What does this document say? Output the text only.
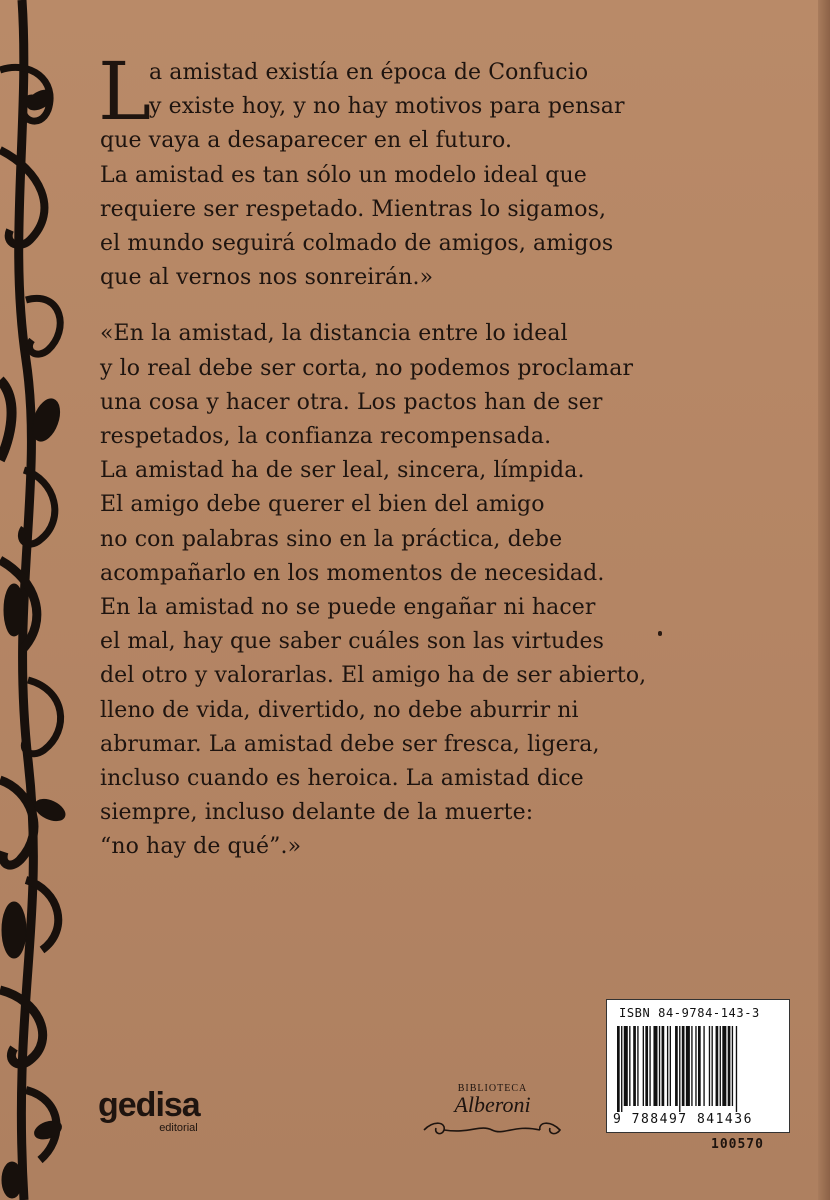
L
a amistad existía en época de Confucio
y existe hoy, y no hay motivos para pensar
que vaya a desaparecer en el futuro.
La amistad es tan sólo un modelo ideal que
requiere ser respetado. Mientras lo sigamos,
el mundo seguirá colmado de amigos, amigos
que al vernos nos sonreirán.»
«En la amistad, la distancia entre lo ideal
y lo real debe ser corta, no podemos proclamar
una cosa y hacer otra. Los pactos han de ser
respetados, la confianza recompensada.
La amistad ha de ser leal, sincera, límpida.
El amigo debe querer el bien del amigo
no con palabras sino en la práctica, debe
acompañarlo en los momentos de necesidad.
En la amistad no se puede engañar ni hacer
el mal, hay que saber cuáles son las virtudes
del otro y valorarlas. El amigo ha de ser abierto,
lleno de vida, divertido, no debe aburrir ni
abrumar. La amistad debe ser fresca, ligera,
incluso cuando es heroica. La amistad dice
siempre, incluso delante de la muerte:
“no hay de qué”.»
gedisa
editorial
BIBLIOTECA
Alberoni
ISBN 84-9784-143-3
9 788497 841436
100570
